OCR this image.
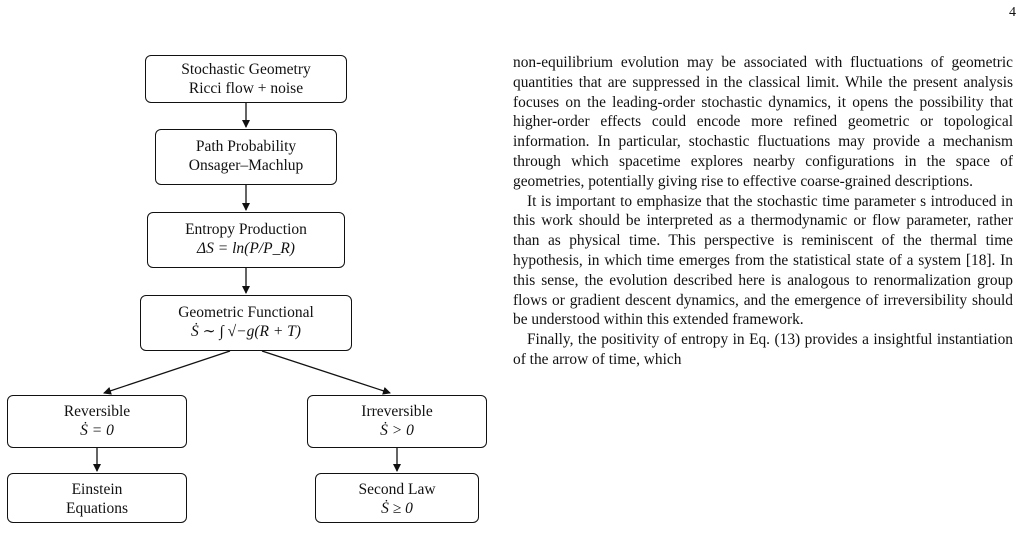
4
Stochastic Geometry
Ricci flow + noise
Path Probability
Onsager–Machlup
Entropy Production
ΔS = ln(P/P_R)
Geometric Functional
Ṡ ∼ ∫ √−g(R + T)
Reversible
Ṡ = 0
Irreversible
Ṡ > 0
Einstein
Equations
Second Law
Ṡ ≥ 0

non-equilibrium evolution may be associated with fluctuations of geometric quantities that are suppressed in the classical limit. While the present analysis focuses on the leading-order stochastic dynamics, it opens the possibility that higher-order effects could encode more refined geometric or topological information. In particular, stochastic fluctuations may provide a mechanism through which spacetime explores nearby configurations in the space of geometries, potentially giving rise to effective coarse-grained descriptions.

It is important to emphasize that the stochastic time parameter s introduced in this work should be interpreted as a thermodynamic or flow parameter, rather than as physical time. This perspective is reminiscent of the thermal time hypothesis, in which time emerges from the statistical state of a system [18]. In this sense, the evolution described here is analogous to renormalization group flows or gradient descent dynamics, and the emergence of irreversibility should be understood within this extended framework.

Finally, the positivity of entropy in Eq. (13) provides a insightful instantiation of the arrow of time, which
